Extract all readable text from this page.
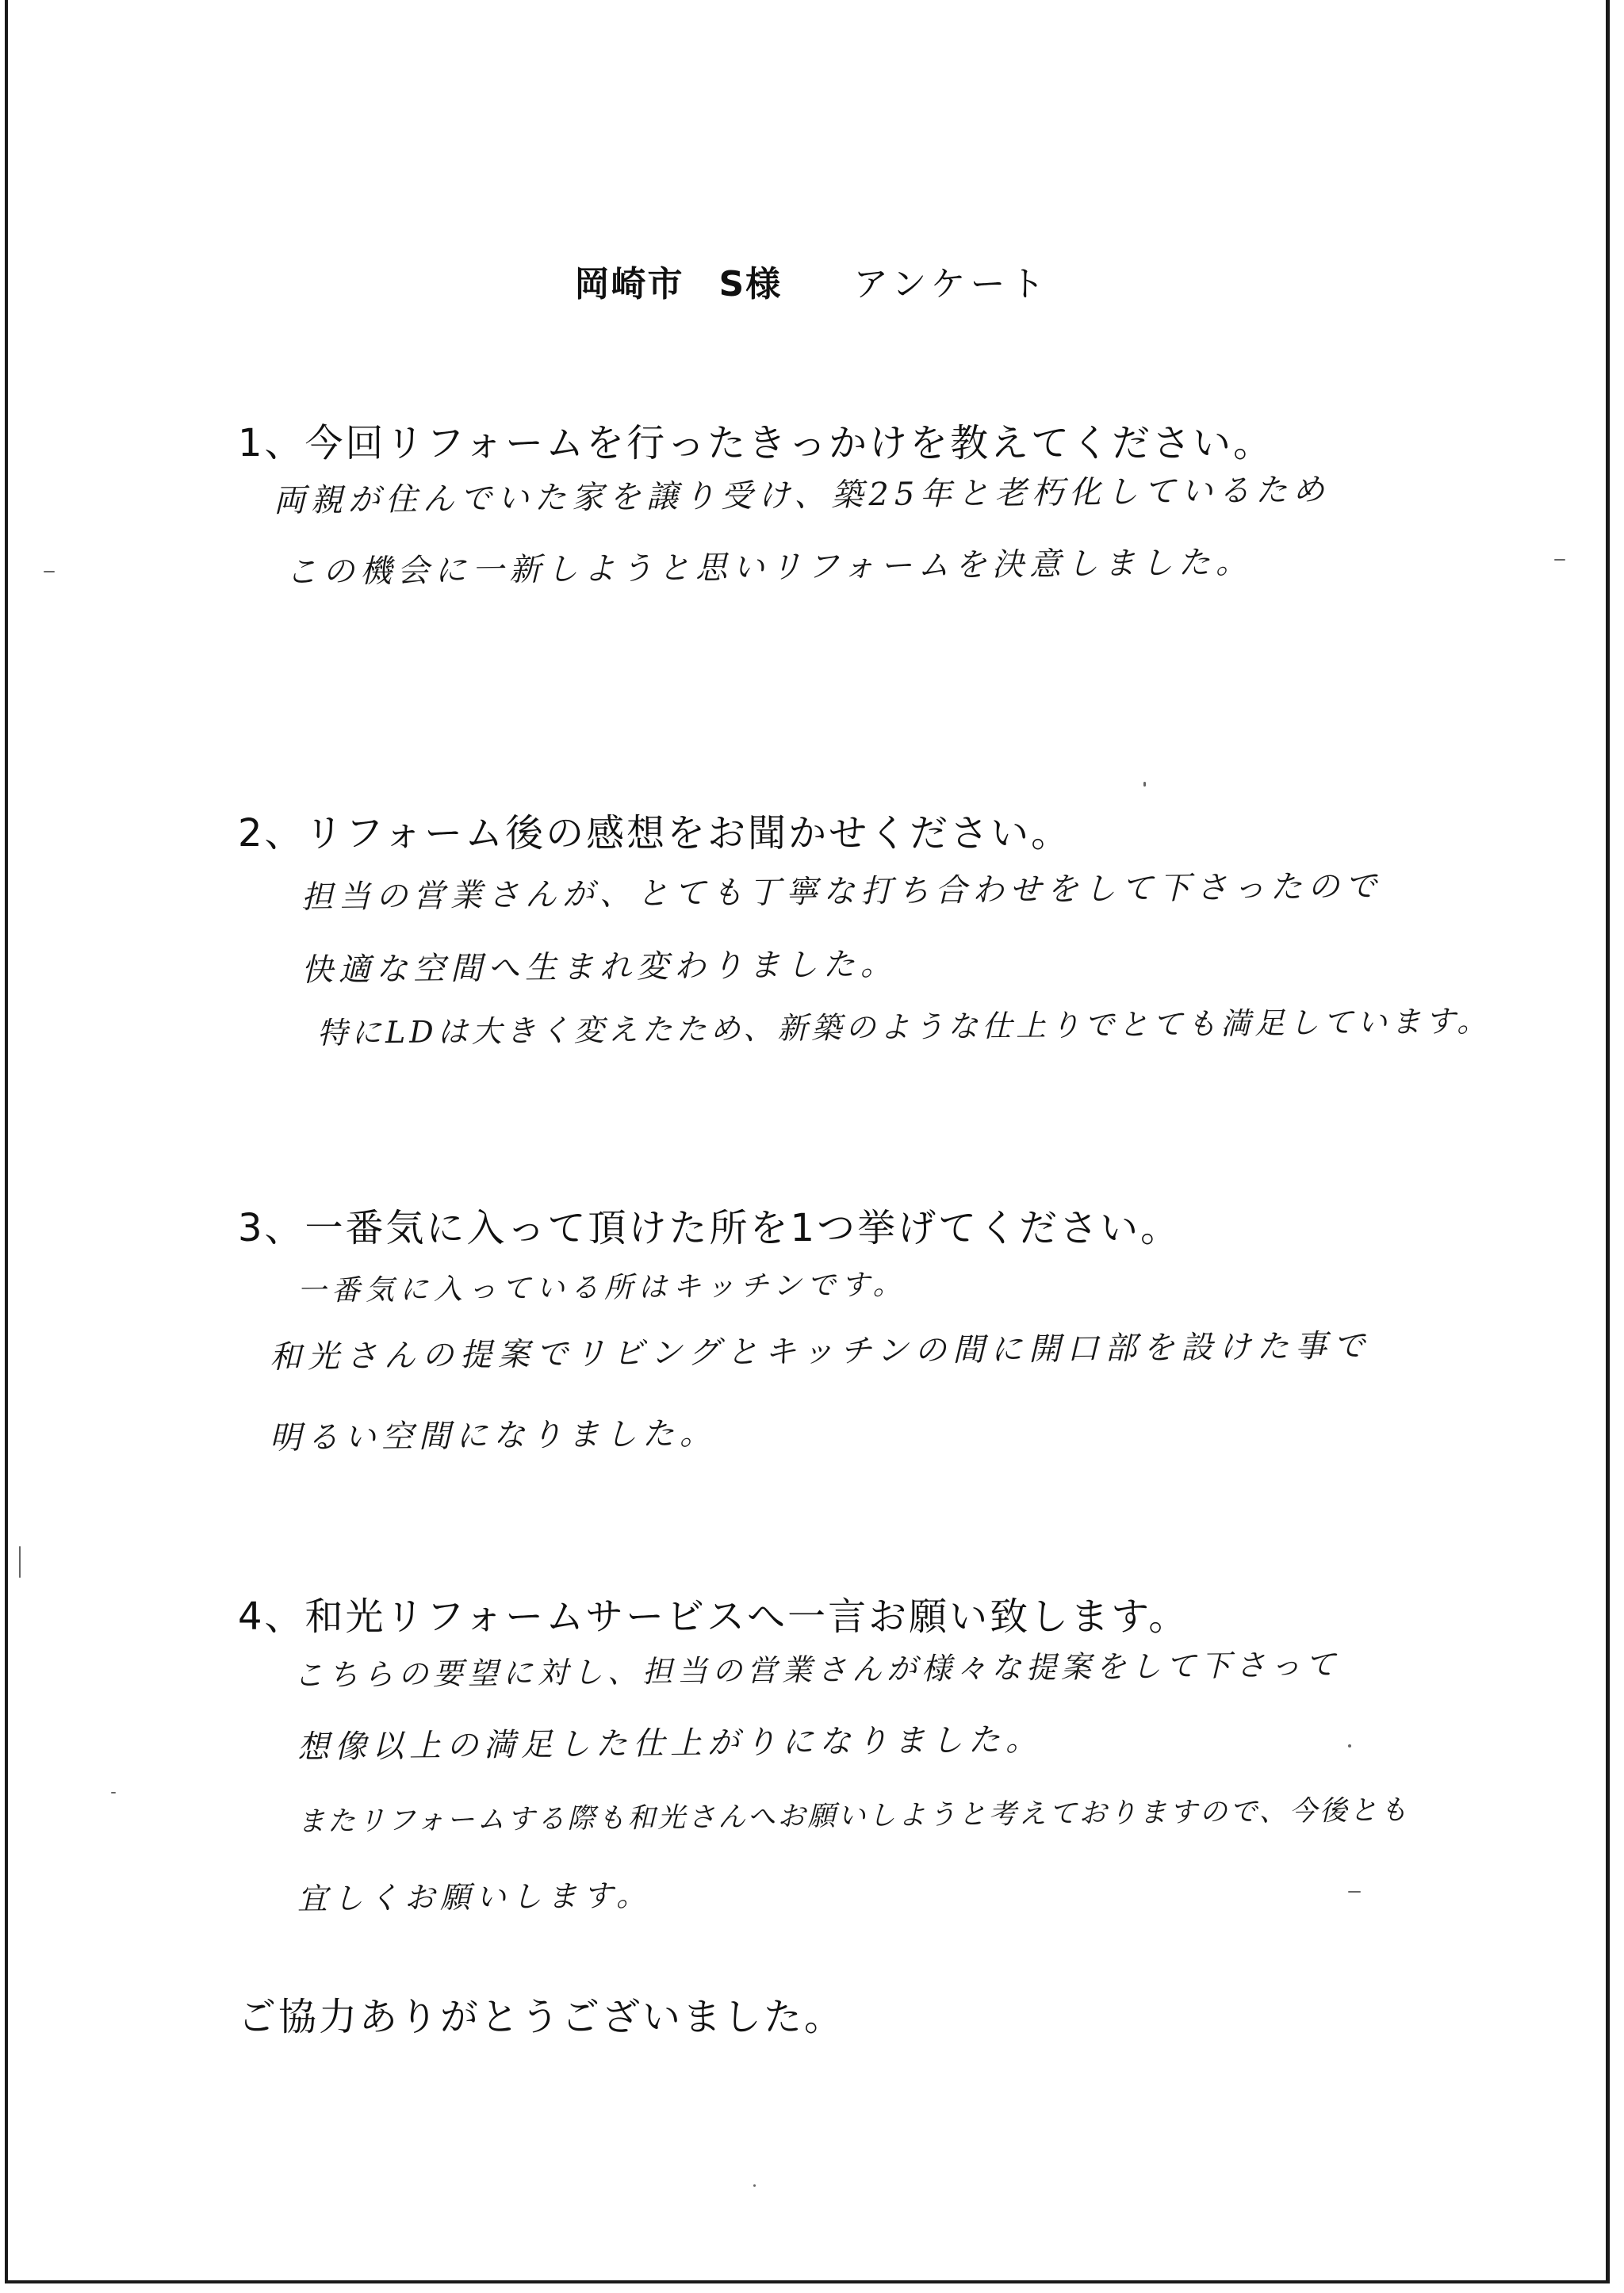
岡崎市 S様 アンケート
1、今回リフォームを行ったきっかけを教えてください。
両親が住んでいた家を譲り受け、築25年と老朽化しているため
この機会に一新しようと思いリフォームを決意しました。
2、リフォーム後の感想をお聞かせください。
担当の営業さんが、とても丁寧な打ち合わせをして下さったので
快適な空間へ生まれ変わりました。
特にLDは大きく変えたため、新築のような仕上りでとても満足しています。
3、一番気に入って頂けた所を1つ挙げてください。
一番気に入っている所はキッチンです。
和光さんの提案でリビングとキッチンの間に開口部を設けた事で
明るい空間になりました。
4、和光リフォームサービスへ一言お願い致します。
こちらの要望に対し、担当の営業さんが様々な提案をして下さって
想像以上の満足した仕上がりになりました。
またリフォームする際も和光さんへお願いしようと考えておりますので、今後とも
宜しくお願いします。
ご協力ありがとうございました。
